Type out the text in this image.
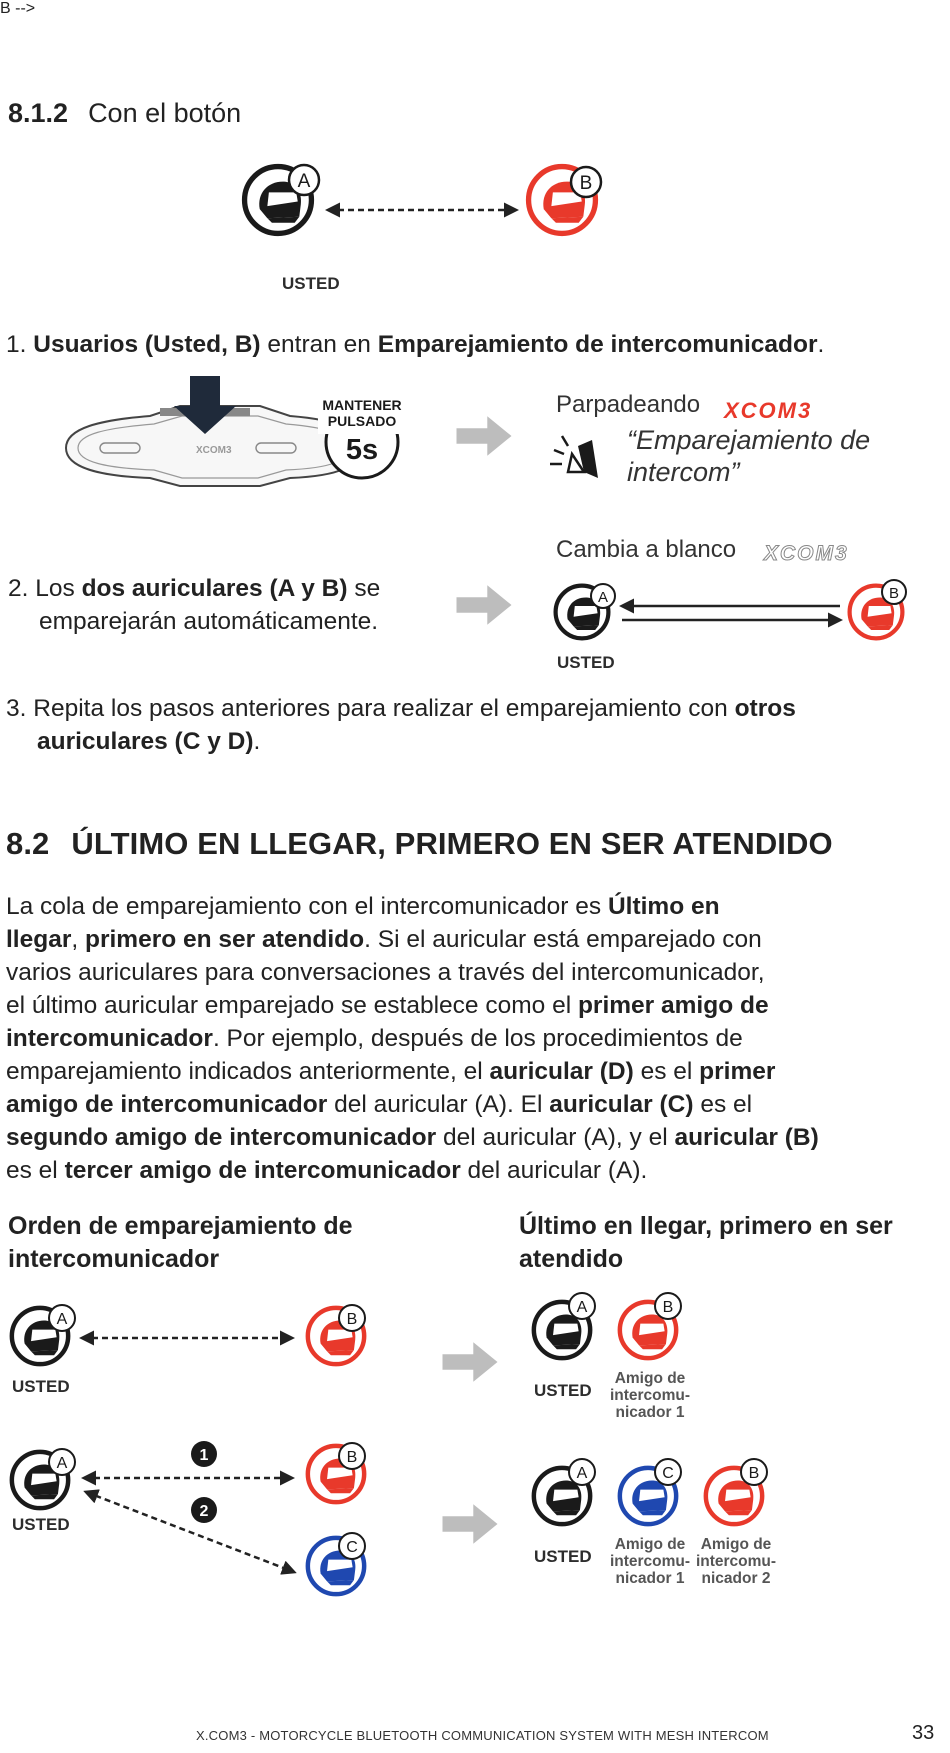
8.1.2 Con el botón
B -->
A	B
USTED
1. Usuarios (Usted, B) entran en Emparejamiento de intercomunicador.
XCOM3
MANTENER
PULSADO
5s
Parpadeando XCOM3
“Emparejamiento de
intercom”
Cambia a blanco XCOM3
2. Los dos auriculares (A y B) se
emparejarán automáticamente.
A	B
USTED
3. Repita los pasos anteriores para realizar el emparejamiento con otros
auriculares (C y D).
8.2 ÚLTIMO EN LLEGAR, PRIMERO EN SER ATENDIDO
La cola de emparejamiento con el intercomunicador es Último en
llegar, primero en ser atendido. Si el auricular está emparejado con
varios auriculares para conversaciones a través del intercomunicador,
el último auricular emparejado se establece como el primer amigo de
intercomunicador. Por ejemplo, después de los procedimientos de
emparejamiento indicados anteriormente, el auricular (D) es el primer
amigo de intercomunicador del auricular (A). El auricular (C) es el
segundo amigo de intercomunicador del auricular (A), y el auricular (B)
es el tercer amigo de intercomunicador del auricular (A).
Orden de emparejamiento de
intercomunicador
Último en llegar, primero en ser
atendido
A	B
USTED
A	1
2
B
C
USTED
A	B
USTED
Amigo de
intercomu-
nicador 1
A	C	B
USTED
Amigo de
intercomu-
nicador 1
Amigo de
intercomu-
nicador 2
X.COM3 - MOTORCYCLE BLUETOOTH COMMUNICATION SYSTEM WITH MESH INTERCOM	33
